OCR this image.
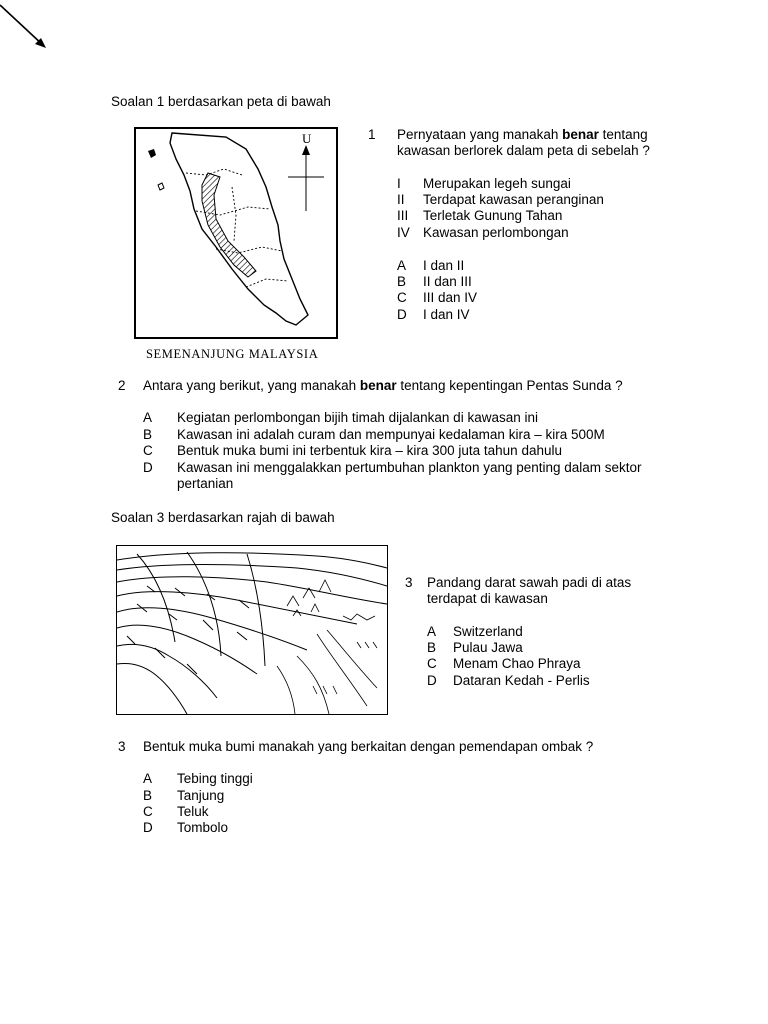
Soalan 1 berdasarkan peta di bawah
U
SEMENANJUNG MALAYSIA
1 Pernyataan yang manakah benar tentang
kawasan berlorek dalam peta di sebelah ?
I Merupakan legeh sungai
II Terdapat kawasan peranginan
III Terletak Gunung Tahan
IV Kawasan perlombongan
A I dan II
B II dan III
C III dan IV
D I dan IV
2 Antara yang berikut, yang manakah benar tentang kepentingan Pentas Sunda ?
A Kegiatan perlombongan bijih timah dijalankan di kawasan ini
B Kawasan ini adalah curam dan mempunyai kedalaman kira – kira 500M
C Bentuk muka bumi ini terbentuk kira – kira 300 juta tahun dahulu
D Kawasan ini menggalakkan pertumbuhan plankton yang penting dalam sektor
pertanian
Soalan 3 berdasarkan rajah di bawah
3 Pandang darat sawah padi di atas
terdapat di kawasan
A Switzerland
B Pulau Jawa
C Menam Chao Phraya
D Dataran Kedah - Perlis
3 Bentuk muka bumi manakah yang berkaitan dengan pemendapan ombak ?
A Tebing tinggi
B Tanjung
C Teluk
D Tombolo
